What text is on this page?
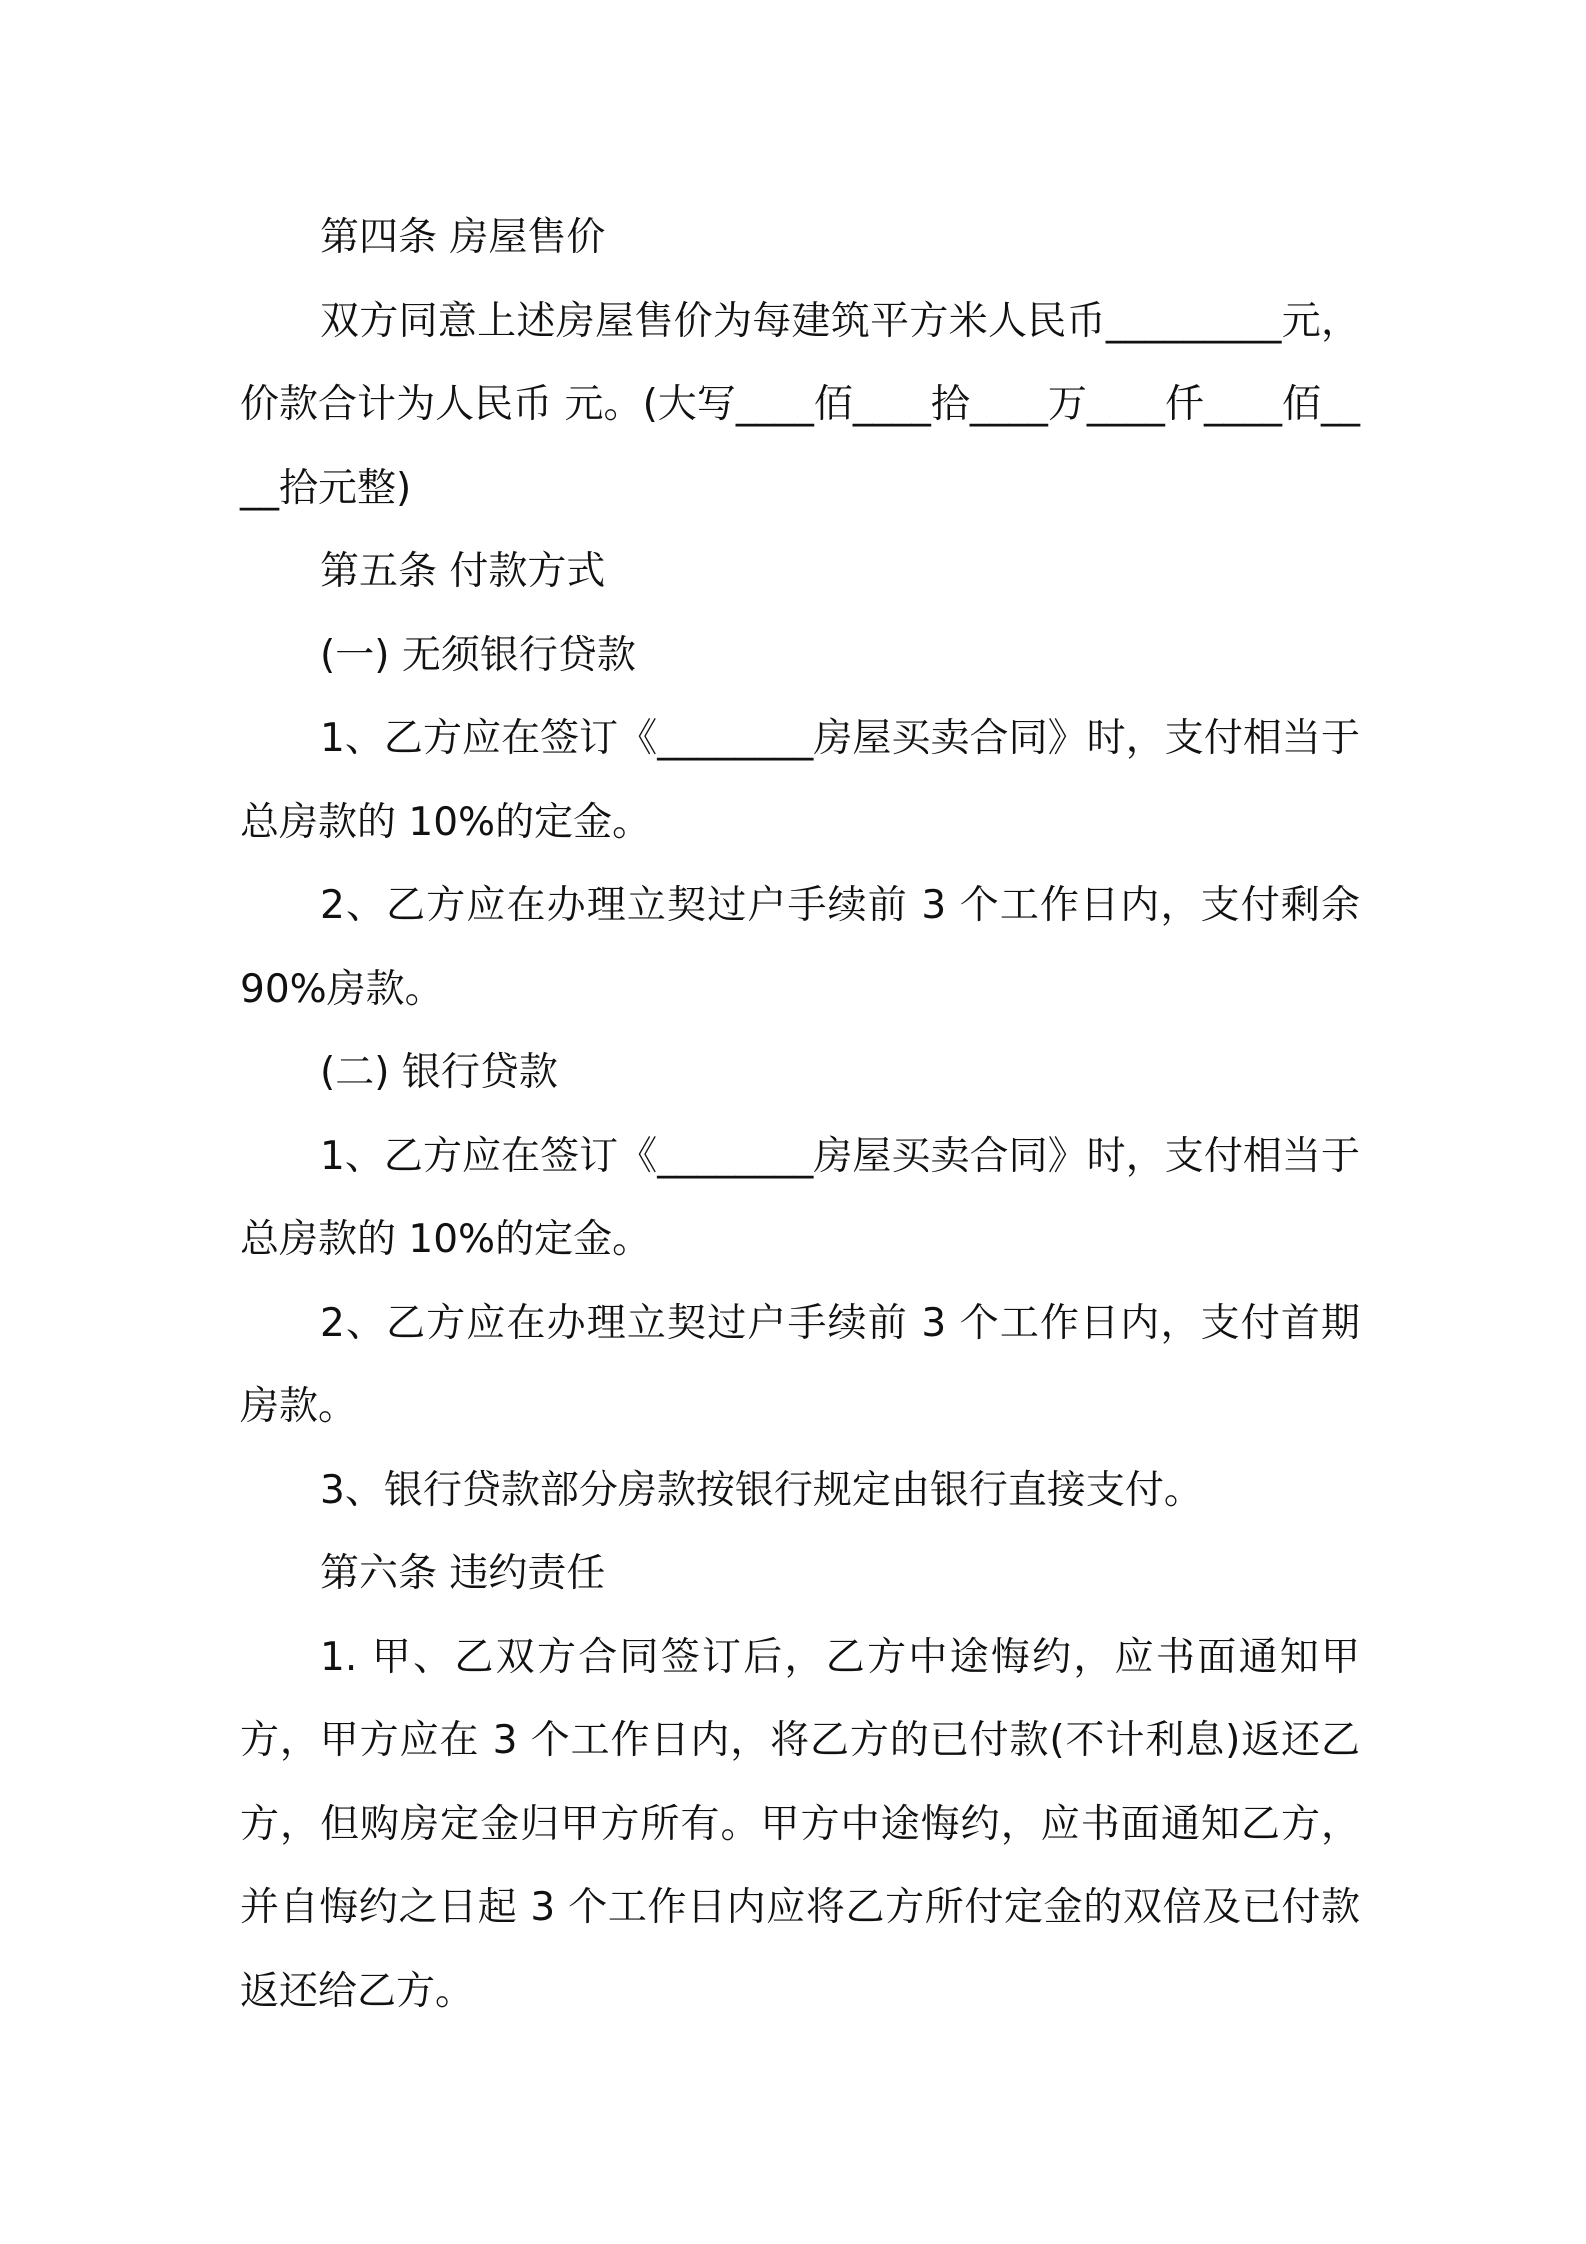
第四条 房屋售价

双方同意上述房屋售价为每建筑平方米人民币_________元，价款合计为人民币 元。(大写____佰____拾____万____仟____佰____拾元整)

第五条 付款方式

(一) 无须银行贷款

1、乙方应在签订《________房屋买卖合同》时，支付相当于总房款的 10%的定金。

2、乙方应在办理立契过户手续前 3 个工作日内，支付剩余 90%房款。

(二) 银行贷款

1、乙方应在签订《________房屋买卖合同》时，支付相当于总房款的 10%的定金。

2、乙方应在办理立契过户手续前 3 个工作日内，支付首期房款。

3、银行贷款部分房款按银行规定由银行直接支付。

第六条 违约责任

1. 甲、乙双方合同签订后，乙方中途悔约，应书面通知甲方，甲方应在 3 个工作日内，将乙方的已付款(不计利息)返还乙方，但购房定金归甲方所有。甲方中途悔约，应书面通知乙方，并自悔约之日起 3 个工作日内应将乙方所付定金的双倍及已付款返还给乙方。
